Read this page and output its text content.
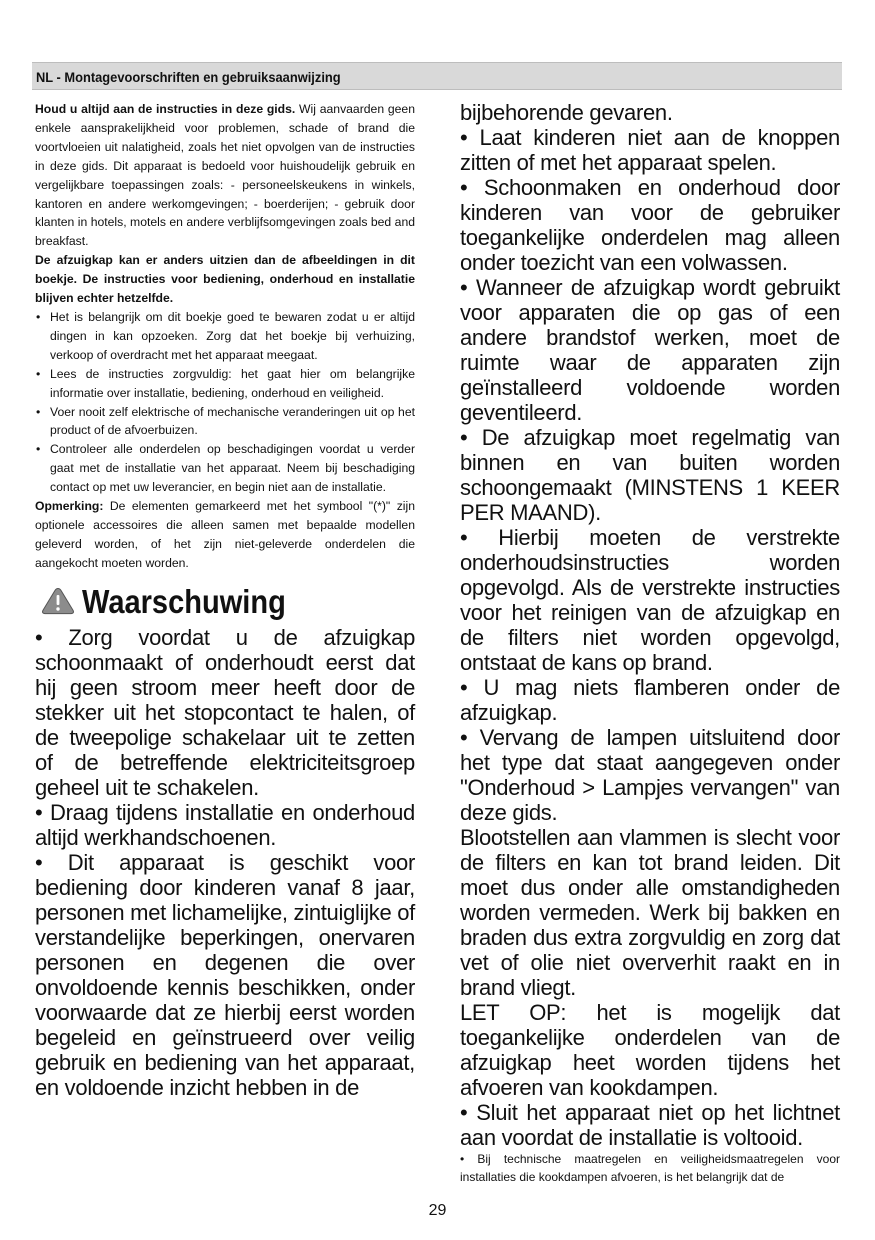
NL - Montagevoorschriften en gebruiksaanwijzing

Houd u altijd aan de instructies in deze gids. Wij aanvaarden geen enkele aansprakelijkheid voor problemen, schade of brand die voortvloeien uit nalatigheid, zoals het niet opvolgen van de instructies in deze gids. Dit apparaat is bedoeld voor huishoudelijk gebruik en vergelijkbare toepassingen zoals: - personeelskeukens in winkels, kantoren en andere werkomgevingen; - boerderijen; - gebruik door klanten in hotels, motels en andere verblijfsomgevingen zoals bed and breakfast.

De afzuigkap kan er anders uitzien dan de afbeeldingen in dit boekje. De instructies voor bediening, onderhoud en installatie blijven echter hetzelfde.

• Het is belangrijk om dit boekje goed te bewaren zodat u er altijd dingen in kan opzoeken. Zorg dat het boekje bij verhuizing, verkoop of overdracht met het apparaat meegaat.
• Lees de instructies zorgvuldig: het gaat hier om belangrijke informatie over installatie, bediening, onderhoud en veiligheid.
• Voer nooit zelf elektrische of mechanische veranderingen uit op het product of de afvoerbuizen.
• Controleer alle onderdelen op beschadigingen voordat u verder gaat met de installatie van het apparaat. Neem bij beschadiging contact op met uw leverancier, en begin niet aan de installatie.

Opmerking: De elementen gemarkeerd met het symbool "(*)" zijn optionele accessoires die alleen samen met bepaalde modellen geleverd worden, of het zijn niet-geleverde onderdelen die aangekocht moeten worden.

Waarschuwing

• Zorg voordat u de afzuigkap schoonmaakt of onderhoudt eerst dat hij geen stroom meer heeft door de stekker uit het stopcontact te halen, of de tweepolige schakelaar uit te zetten of de betreffende elektriciteitsgroep geheel uit te schakelen.

• Draag tijdens installatie en onderhoud altijd werkhandschoenen.

• Dit apparaat is geschikt voor bediening door kinderen vanaf 8 jaar, personen met lichamelijke, zintuiglijke of verstandelijke beperkingen, onervaren personen en degenen die over onvoldoende kennis beschikken, onder voorwaarde dat ze hierbij eerst worden begeleid en geïnstrueerd over veilig gebruik en bediening van het apparaat, en voldoende inzicht hebben in de

bijbehorende gevaren.

• Laat kinderen niet aan de knoppen zitten of met het apparaat spelen.

• Schoonmaken en onderhoud door kinderen van voor de gebruiker toegankelijke onderdelen mag alleen onder toezicht van een volwassen.

• Wanneer de afzuigkap wordt gebruikt voor apparaten die op gas of een andere brandstof werken, moet de ruimte waar de apparaten zijn geïnstalleerd voldoende worden geventileerd.

• De afzuigkap moet regelmatig van binnen en van buiten worden schoongemaakt (MINSTENS 1 KEER PER MAAND).

• Hierbij moeten de verstrekte onderhoudsinstructies worden opgevolgd. Als de verstrekte instructies voor het reinigen van de afzuigkap en de filters niet worden opgevolgd, ontstaat de kans op brand.

• U mag niets flamberen onder de afzuigkap.

• Vervang de lampen uitsluitend door het type dat staat aangegeven onder "Onderhoud > Lampjes vervangen" van deze gids.

Blootstellen aan vlammen is slecht voor de filters en kan tot brand leiden. Dit moet dus onder alle omstandigheden worden vermeden. Werk bij bakken en braden dus extra zorgvuldig en zorg dat vet of olie niet oververhit raakt en in brand vliegt.

LET OP: het is mogelijk dat toegankelijke onderdelen van de afzuigkap heet worden tijdens het afvoeren van kookdampen.

• Sluit het apparaat niet op het lichtnet aan voordat de installatie is voltooid.

• Bij technische maatregelen en veiligheidsmaatregelen voor installaties die kookdampen afvoeren, is het belangrijk dat de

29
